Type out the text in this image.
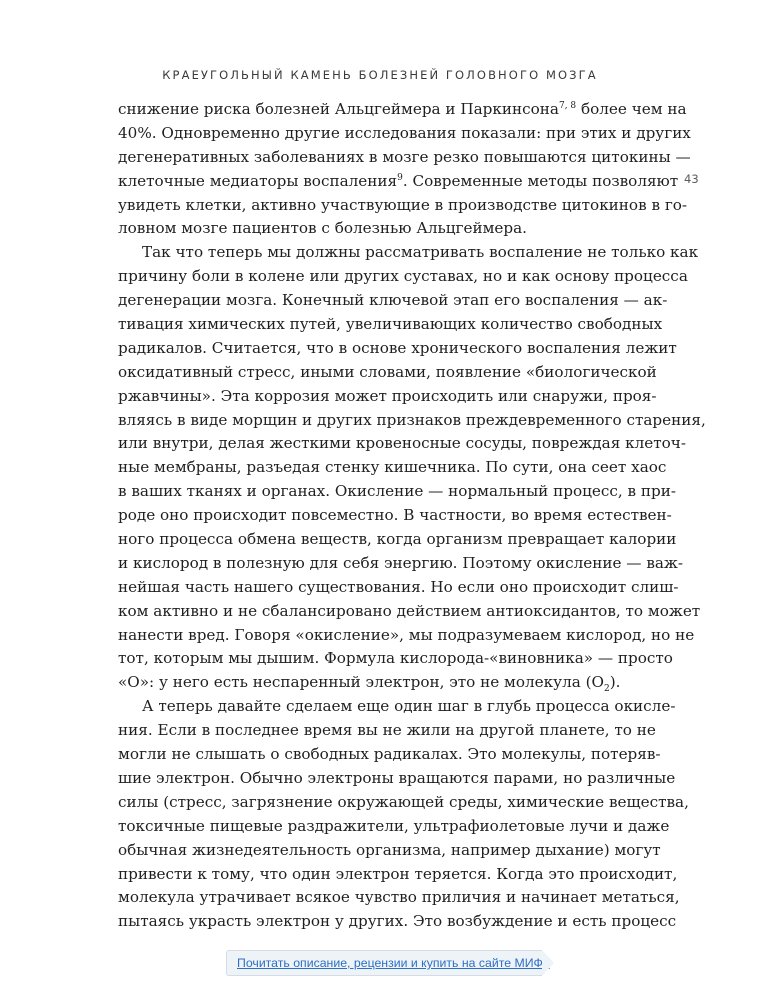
КРАЕУГОЛЬНЫЙ КАМЕНЬ БОЛЕЗНЕЙ ГОЛОВНОГО МОЗГА
43
снижение риска болезней Альцгеймера и Паркинсона$^{7, 8}$ более чем на
40%. Одновременно другие исследования показали: при этих и других
дегенеративных заболеваниях в мозге резко повышаются цитокины —
клеточные медиаторы воспаления$^9$. Современные методы позволяют
увидеть клетки, активно участвующие в производстве цитокинов в го-
ловном мозге пациентов с болезнью Альцгеймера.
Так что теперь мы должны рассматривать воспаление не только как
причину боли в колене или других суставах, но и как основу процесса
дегенерации мозга. Конечный ключевой этап его воспаления — ак-
тивация химических путей, увеличивающих количество свободных
радикалов. Считается, что в основе хронического воспаления лежит
оксидативный стресс, иными словами, появление «биологической
ржавчины». Эта коррозия может происходить или снаружи, проя-
вляясь в виде морщин и других признаков преждевременного старения,
или внутри, делая жесткими кровеносные сосуды, повреждая клеточ-
ные мембраны, разъедая стенку кишечника. По сути, она сеет хаос
в ваших тканях и органах. Окисление — нормальный процесс, в при-
роде оно происходит повсеместно. В частности, во время естествен-
ного процесса обмена веществ, когда организм превращает калории
и кислород в полезную для себя энергию. Поэтому окисление — важ-
нейшая часть нашего существования. Но если оно происходит слиш-
ком активно и не сбалансировано действием антиоксидантов, то может
нанести вред. Говоря «окисление», мы подразумеваем кислород, но не
тот, которым мы дышим. Формула кислорода-«виновника» — просто
«О»: у него есть неспаренный электрон, это не молекула $(О_2)$.
А теперь давайте сделаем еще один шаг в глубь процесса окисле-
ния. Если в последнее время вы не жили на другой планете, то не
могли не слышать о свободных радикалах. Это молекулы, потеряв-
шие электрон. Обычно электроны вращаются парами, но различные
силы (стресс, загрязнение окружающей среды, химические вещества,
токсичные пищевые раздражители, ультрафиолетовые лучи и даже
обычная жизнедеятельность организма, например дыхание) могут
привести к тому, что один электрон теряется. Когда это происходит,
молекула утрачивает всякое чувство приличия и начинает метаться,
пытаясь украсть электрон у других. Это возбуждение и есть процесс
Почитать описание, рецензии и купить на сайте МИФа
